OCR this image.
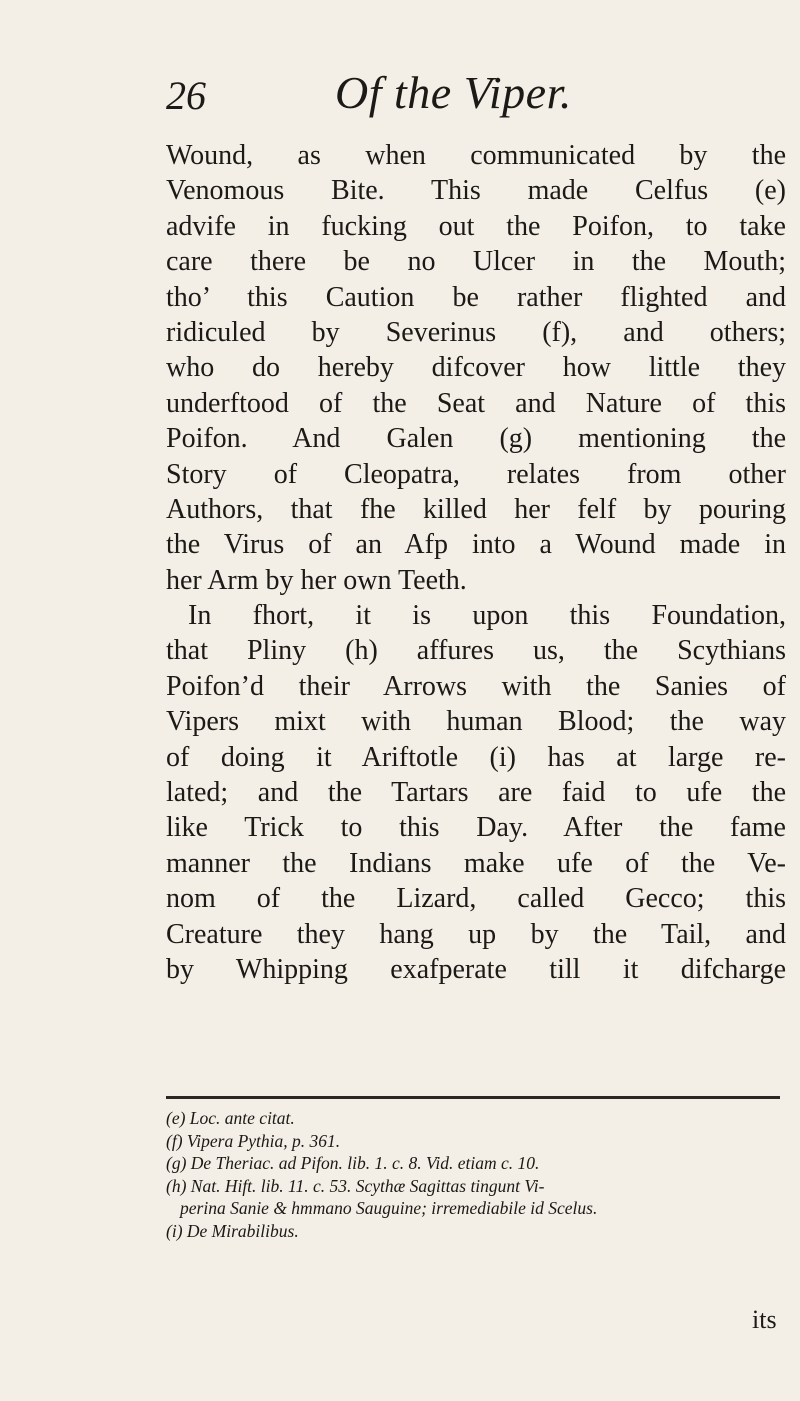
26	Of the Viper.
Wound, as when communicated by the
Venomous Bite. This made Celfus (e)
advife in fucking out the Poifon, to take
care there be no Ulcer in the Mouth;
tho’ this Caution be rather flighted and
ridiculed by Severinus (f), and others;
who do hereby difcover how little they
underftood of the Seat and Nature of this
Poifon. And Galen (g) mentioning the
Story of Cleopatra, relates from other
Authors, that fhe killed her felf by pouring
the Virus of an Afp into a Wound made in
her Arm by her own Teeth.
In fhort, it is upon this Foundation,
that Pliny (h) affures us, the Scythians
Poifon’d their Arrows with the Sanies of
Vipers mixt with human Blood; the way
of doing it Ariftotle (i) has at large re-
lated; and the Tartars are faid to ufe the
like Trick to this Day. After the fame
manner the Indians make ufe of the Ve-
nom of the Lizard, called Gecco; this
Creature they hang up by the Tail, and
by Whipping exafperate till it difcharge
(e) Loc. ante citat.
(f) Vipera Pythia, p. 361.
(g) De Theriac. ad Pifon. lib. 1. c. 8. Vid. etiam c. 10.
(h) Nat. Hift. lib. 11. c. 53. Scythæ Sagittas tingunt Vi-
perina Sanie & hmmano Sauguine; irremediabile id Scelus.
(i) De Mirabilibus.
its
